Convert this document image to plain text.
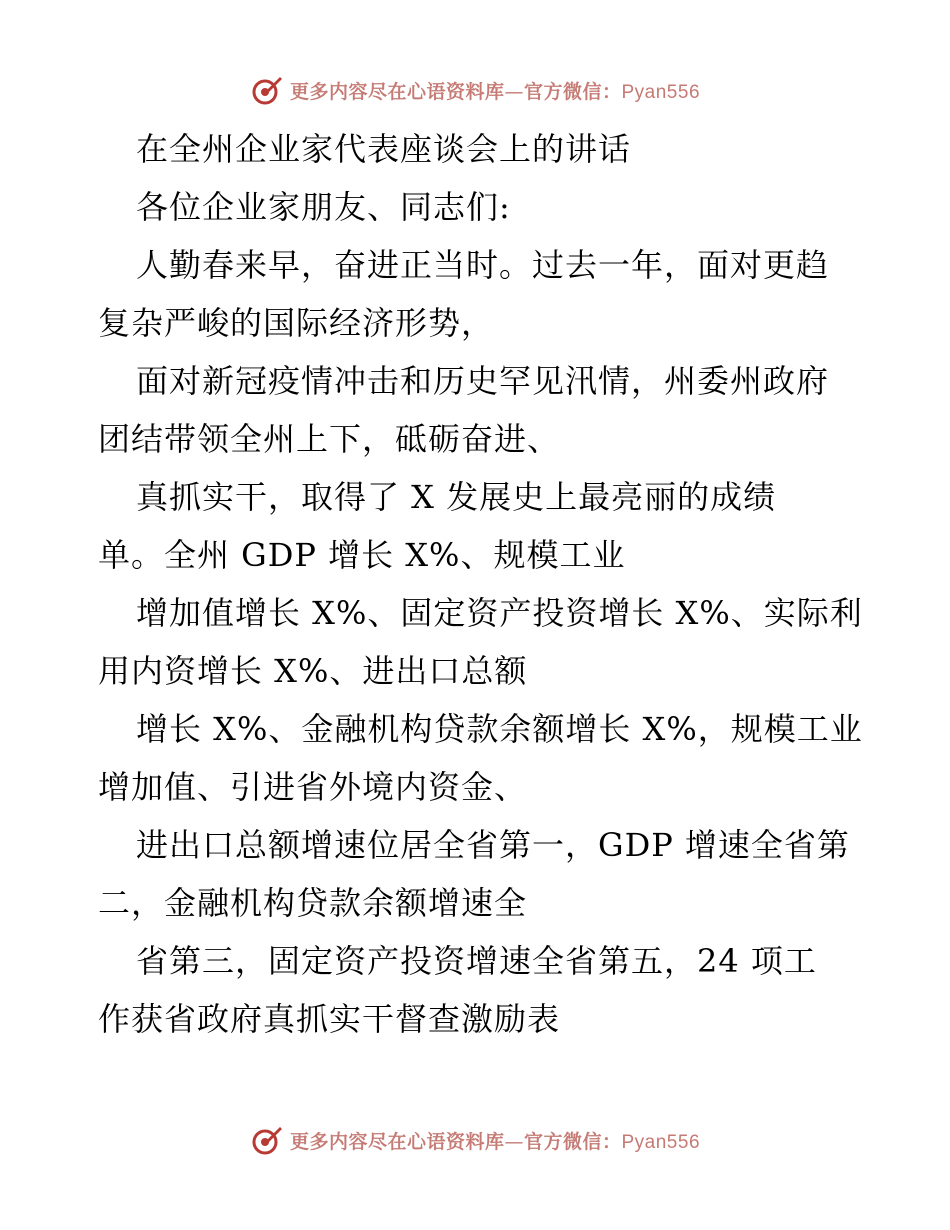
更多内容尽在心语资料库—官方微信：Pyan556
在全州企业家代表座谈会上的讲话
各位企业家朋友、同志们:
人勤春来早，奋进正当时。过去一年，面对更趋
复杂严峻的国际经济形势，
面对新冠疫情冲击和历史罕见汛情，州委州政府
团结带领全州上下，砥砺奋进、
真抓实干，取得了 X 发展史上最亮丽的成绩
单。全州 GDP 增长 X%、规模工业
增加值增长 X%、固定资产投资增长 X%、实际利
用内资增长 X%、进出口总额
增长 X%、金融机构贷款余额增长 X%，规模工业
增加值、引进省外境内资金、
进出口总额增速位居全省第一，GDP 增速全省第
二，金融机构贷款余额增速全
省第三，固定资产投资增速全省第五，24 项工
作获省政府真抓实干督查激励表
更多内容尽在心语资料库—官方微信：Pyan556
